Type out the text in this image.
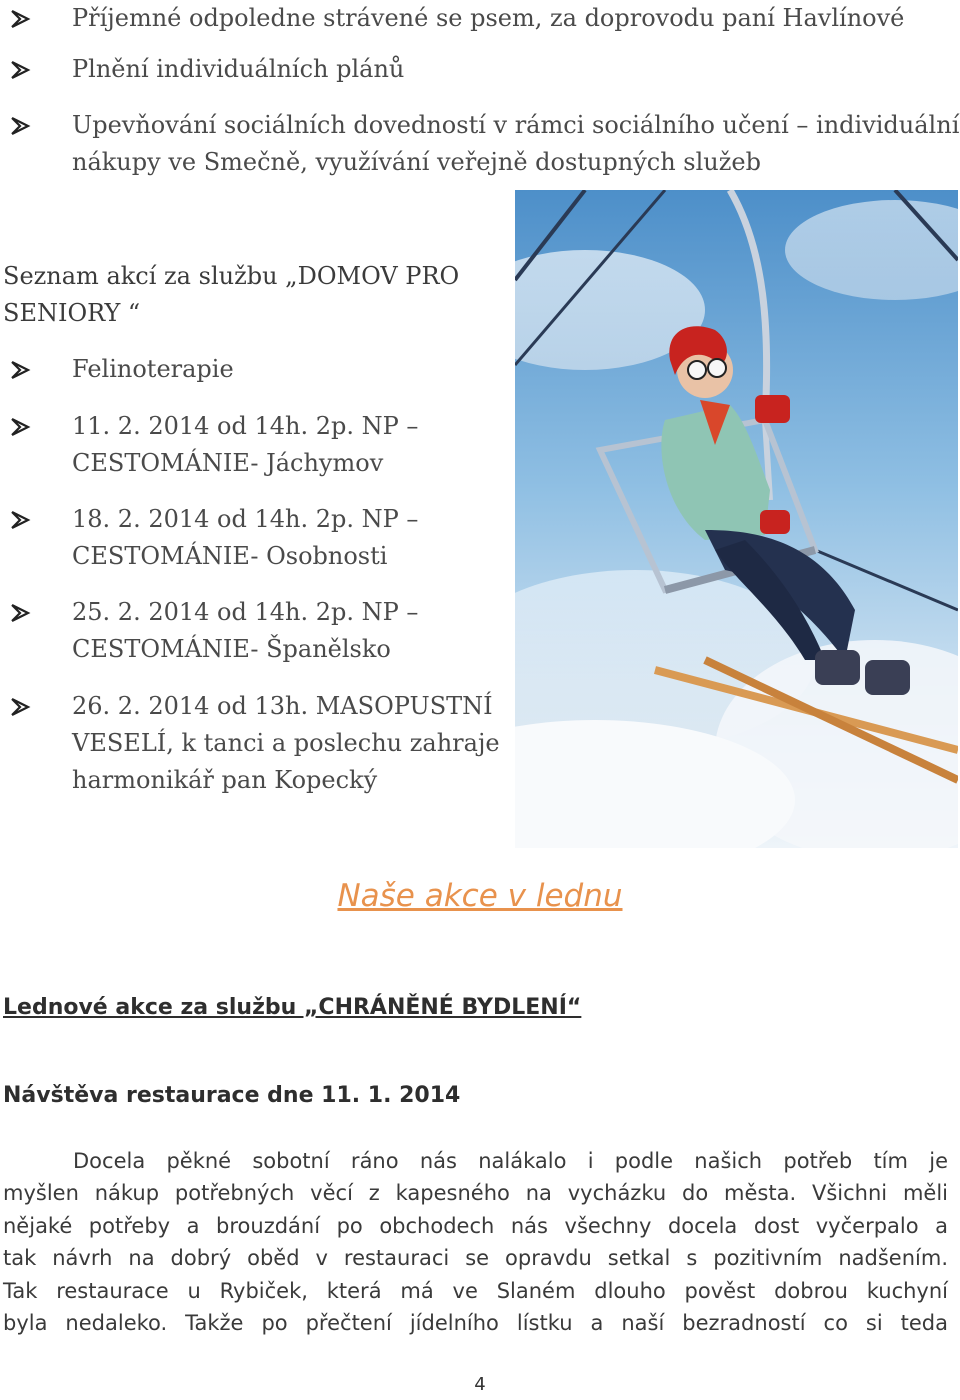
Příjemné odpoledne strávené se psem, za doprovodu paní Havlínové
Plnění individuálních plánů
Upevňování sociálních dovedností v rámci sociálního učení – individuální
nákupy ve Smečně, využívání veřejně dostupných služeb
Seznam akcí za službu „DOMOV PRO
SENIORY “
Felinoterapie
11. 2. 2014 od 14h. 2p. NP –
CESTOMÁNIE- Jáchymov
18. 2. 2014 od 14h. 2p. NP –
CESTOMÁNIE- Osobnosti
25. 2. 2014 od 14h. 2p. NP –
CESTOMÁNIE- Španělsko
26. 2. 2014 od 13h. MASOPUSTNÍ
VESELÍ, k tanci a poslechu zahraje
harmonikář pan Kopecký
Naše akce v lednu
Lednové akce za službu „CHRÁNĚNÉ BYDLENÍ“
Návštěva restaurace dne 11. 1. 2014
Docela pěkné sobotní ráno nás nalákalo i podle našich potřeb tím je
myšlen nákup potřebných věcí z kapesného na vycházku do města. Všichni měli
nějaké potřeby a brouzdání po obchodech nás všechny docela dost vyčerpalo a
tak návrh na dobrý oběd v restauraci se opravdu setkal s pozitivním nadšením.
Tak restaurace u Rybiček, která má ve Slaném dlouho pověst dobrou kuchyní
byla nedaleko. Takže po přečtení jídelního lístku a naší bezradností co si teda
4
